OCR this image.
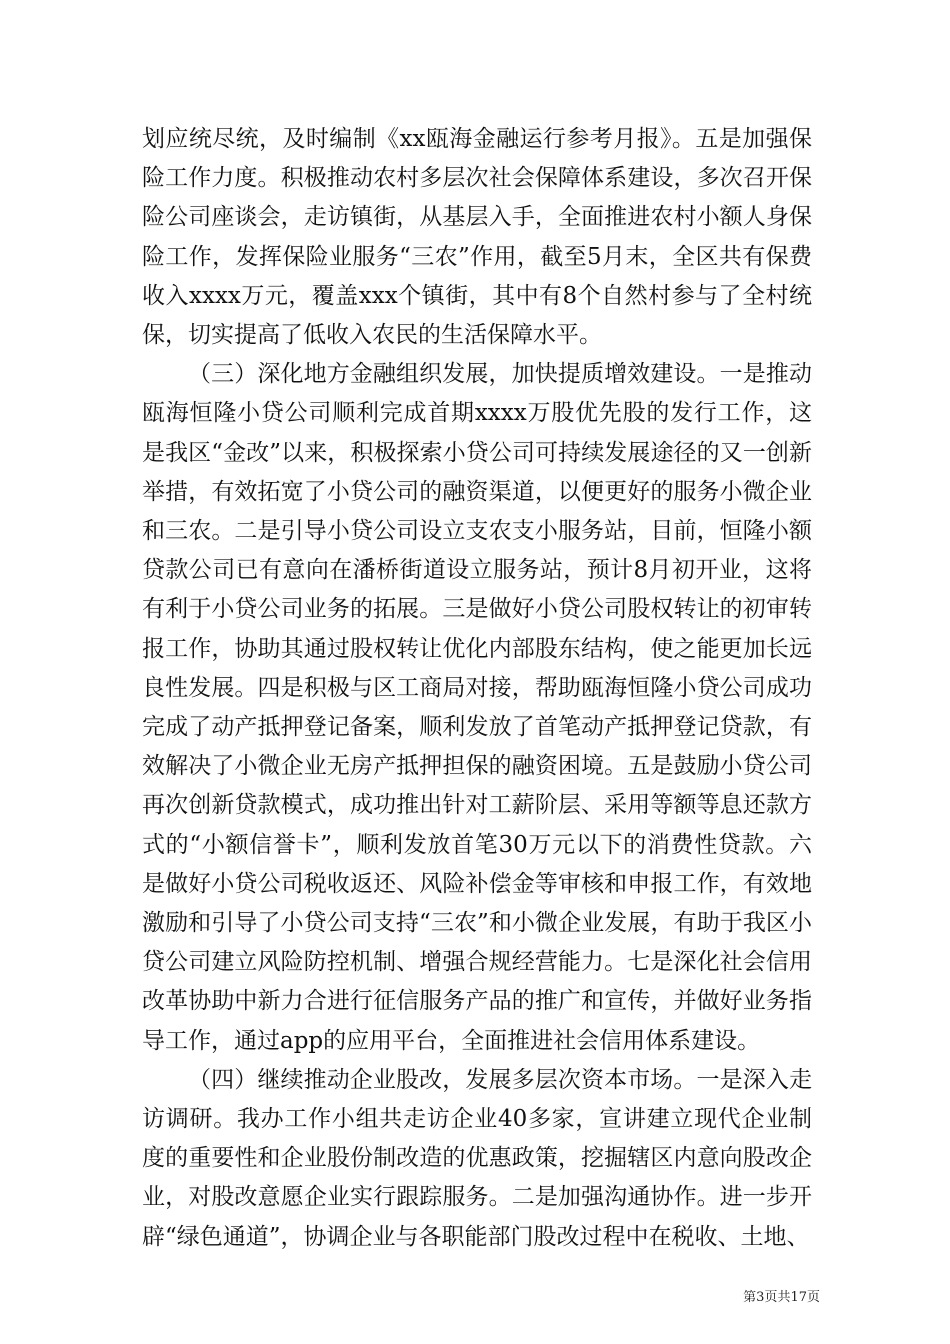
划应统尽统，及时编制《xx瓯海金融运行参考月报》。五是加强保险工作力度。积极推动农村多层次社会保障体系建设，多次召开保险公司座谈会，走访镇街，从基层入手，全面推进农村小额人身保险工作，发挥保险业服务“三农”作用，截至5月末，全区共有保费收入xxxx万元，覆盖xxx个镇街，其中有8个自然村参与了全村统保，切实提高了低收入农民的生活保障水平。

（三）深化地方金融组织发展，加快提质增效建设。一是推动瓯海恒隆小贷公司顺利完成首期xxxx万股优先股的发行工作，这是我区“金改”以来，积极探索小贷公司可持续发展途径的又一创新举措，有效拓宽了小贷公司的融资渠道，以便更好的服务小微企业和三农。二是引导小贷公司设立支农支小服务站，目前，恒隆小额贷款公司已有意向在潘桥街道设立服务站，预计8月初开业，这将有利于小贷公司业务的拓展。三是做好小贷公司股权转让的初审转报工作，协助其通过股权转让优化内部股东结构，使之能更加长远良性发展。四是积极与区工商局对接，帮助瓯海恒隆小贷公司成功完成了动产抵押登记备案，顺利发放了首笔动产抵押登记贷款，有效解决了小微企业无房产抵押担保的融资困境。五是鼓励小贷公司再次创新贷款模式，成功推出针对工薪阶层、采用等额等息还款方式的“小额信誉卡”，顺利发放首笔30万元以下的消费性贷款。六是做好小贷公司税收返还、风险补偿金等审核和申报工作，有效地激励和引导了小贷公司支持“三农”和小微企业发展，有助于我区小贷公司建立风险防控机制、增强合规经营能力。七是深化社会信用改革协助中新力合进行征信服务产品的推广和宣传，并做好业务指导工作，通过app的应用平台，全面推进社会信用体系建设。

（四）继续推动企业股改，发展多层次资本市场。一是深入走访调研。我办工作小组共走访企业40多家，宣讲建立现代企业制度的重要性和企业股份制改造的优惠政策，挖掘辖区内意向股改企业，对股改意愿企业实行跟踪服务。二是加强沟通协作。进一步开辟“绿色通道”，协调企业与各职能部门股改过程中在税收、土地、

第3页共17页
